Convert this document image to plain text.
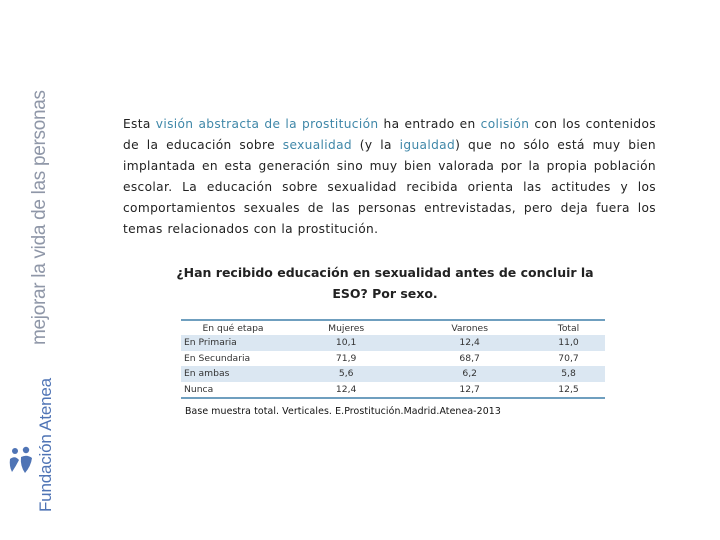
mejorar la vida de las personas
Fundación Atenea

Esta visión abstracta de la prostitución ha entrado en colisión con los contenidos de la educación sobre sexualidad (y la igualdad) que no sólo está muy bien implantada en esta generación sino muy bien valorada por la propia población escolar. La educación sobre sexualidad recibida orienta las actitudes y los comportamientos sexuales de las personas entrevistadas, pero deja fuera los temas relacionados con la prostitución.

¿Han recibido educación en sexualidad antes de concluir la
ESO? Por sexo.
En qué etapa	Mujeres	Varones	Total
En Primaria	10,1	12,4	11,0
En Secundaria	71,9	68,7	70,7
En ambas	5,6	6,2	5,8
Nunca	12,4	12,7	12,5
Base muestra total. Verticales. E.Prostitución.Madrid.Atenea-2013
